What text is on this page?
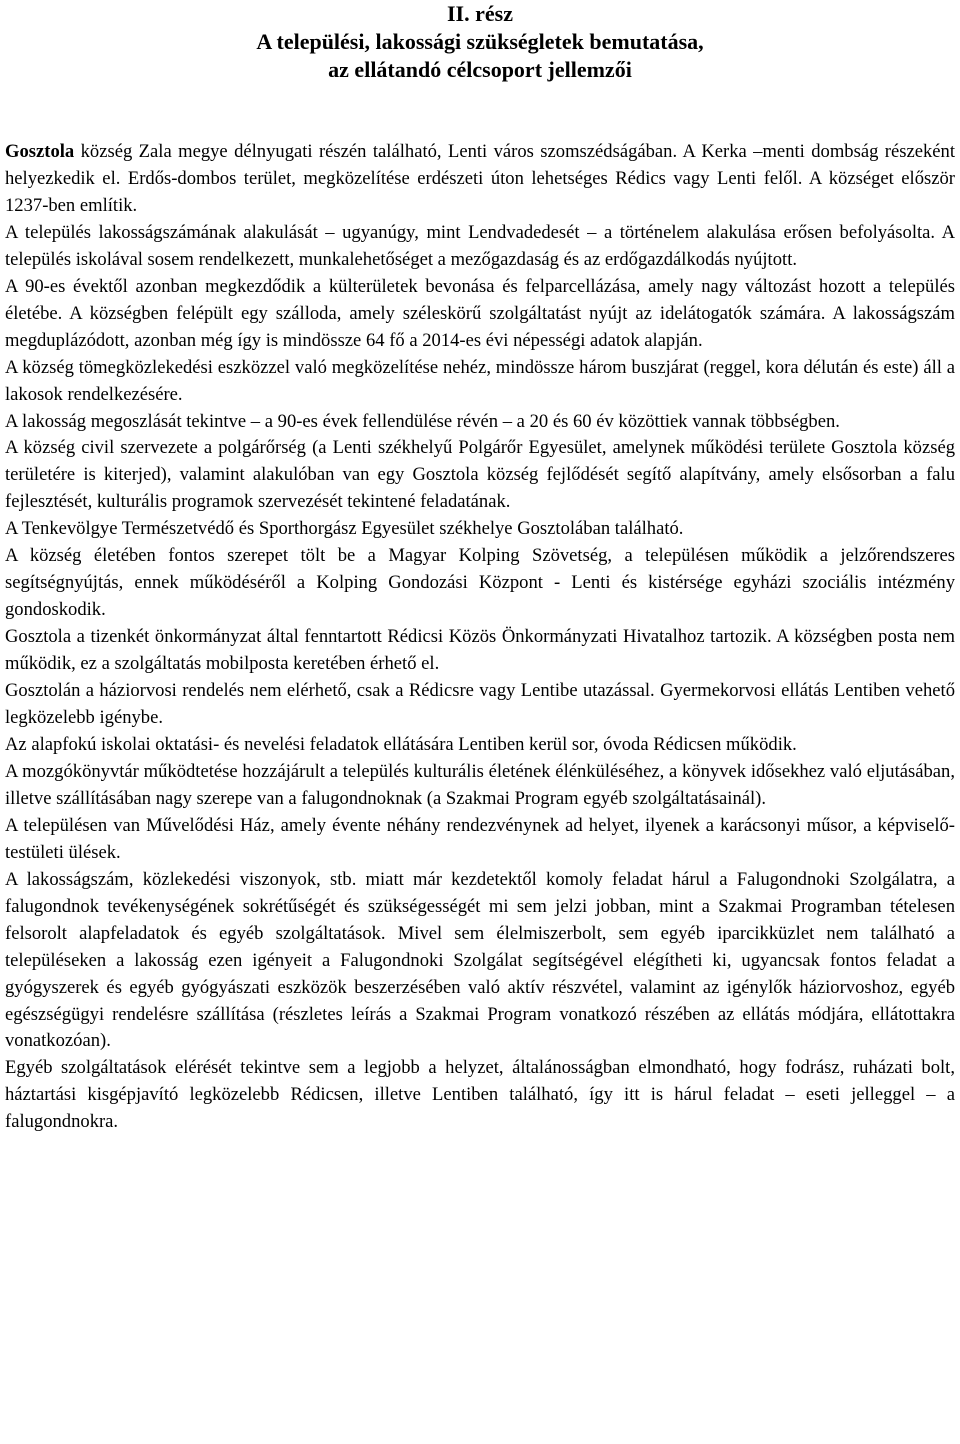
II. rész

A települési, lakossági szükségletek bemutatása,

az ellátandó célcsoport jellemzői

Gosztola község Zala megye délnyugati részén található, Lenti város szomszédságában. A Kerka –menti dombság részeként helyezkedik el. Erdős-dombos terület, megközelítése erdészeti úton lehetséges Rédics vagy Lenti felől. A községet először 1237-ben említik.

A település lakosságszámának alakulását – ugyanúgy, mint Lendvadedesét – a történelem alakulása erősen befolyásolta. A település iskolával sosem rendelkezett, munkalehetőséget a mezőgazdaság és az erdőgazdálkodás nyújtott.

A 90-es évektől azonban megkezdődik a külterületek bevonása és felparcellázása, amely nagy változást hozott a település életébe. A községben felépült egy szálloda, amely széleskörű szolgáltatást nyújt az idelátogatók számára. A lakosságszám megduplázódott, azonban még így is mindössze 64 fő a 2014-es évi népességi adatok alapján.

A község tömegközlekedési eszközzel való megközelítése nehéz, mindössze három buszjárat (reggel, kora délután és este) áll a lakosok rendelkezésére.

A lakosság megoszlását tekintve – a 90-es évek fellendülése révén – a 20 és 60 év közöttiek vannak többségben.

A község civil szervezete a polgárőrség (a Lenti székhelyű Polgárőr Egyesület, amelynek működési területe Gosztola község területére is kiterjed), valamint alakulóban van egy Gosztola község fejlődését segítő alapítvány, amely elsősorban a falu fejlesztését, kulturális programok szervezését tekintené feladatának.

A Tenkevölgye Természetvédő és Sporthorgász Egyesület székhelye Gosztolában található.

A község életében fontos szerepet tölt be a Magyar Kolping Szövetség, a településen működik a jelzőrendszeres segítségnyújtás, ennek működéséről a Kolping Gondozási Központ - Lenti és kistérsége egyházi szociális intézmény gondoskodik.

Gosztola a tizenkét önkormányzat által fenntartott Rédicsi Közös Önkormányzati Hivatalhoz tartozik. A községben posta nem működik, ez a szolgáltatás mobilposta keretében érhető el.

Gosztolán a háziorvosi rendelés nem elérhető, csak a Rédicsre vagy Lentibe utazással. Gyermekorvosi ellátás Lentiben vehető legközelebb igénybe.

Az alapfokú iskolai oktatási- és nevelési feladatok ellátására Lentiben kerül sor, óvoda Rédicsen működik.

A mozgókönyvtár működtetése hozzájárult a település kulturális életének élénküléséhez, a könyvek idősekhez való eljutásában, illetve szállításában nagy szerepe van a falugondnoknak (a Szakmai Program egyéb szolgáltatásainál).

A településen van Művelődési Ház, amely évente néhány rendezvénynek ad helyet, ilyenek a karácsonyi műsor, a képviselő-testületi ülések.

A lakosságszám, közlekedési viszonyok, stb. miatt már kezdetektől komoly feladat hárul a Falugondnoki Szolgálatra, a falugondnok tevékenységének sokrétűségét és szükségességét mi sem jelzi jobban, mint a Szakmai Programban tételesen felsorolt alapfeladatok és egyéb szolgáltatások. Mivel sem élelmiszerbolt, sem egyéb iparcikküzlet nem található a településeken a lakosság ezen igényeit a Falugondnoki Szolgálat segítségével elégítheti ki, ugyancsak fontos feladat a gyógyszerek és egyéb gyógyászati eszközök beszerzésében való aktív részvétel, valamint az igénylők háziorvoshoz, egyéb egészségügyi rendelésre szállítása (részletes leírás a Szakmai Program vonatkozó részében az ellátás módjára, ellátottakra vonatkozóan).

Egyéb szolgáltatások elérését tekintve sem a legjobb a helyzet, általánosságban elmondható, hogy fodrász, ruházati bolt, háztartási kisgépjavító legközelebb Rédicsen, illetve Lentiben található, így itt is hárul feladat – eseti jelleggel – a falugondnokra.
